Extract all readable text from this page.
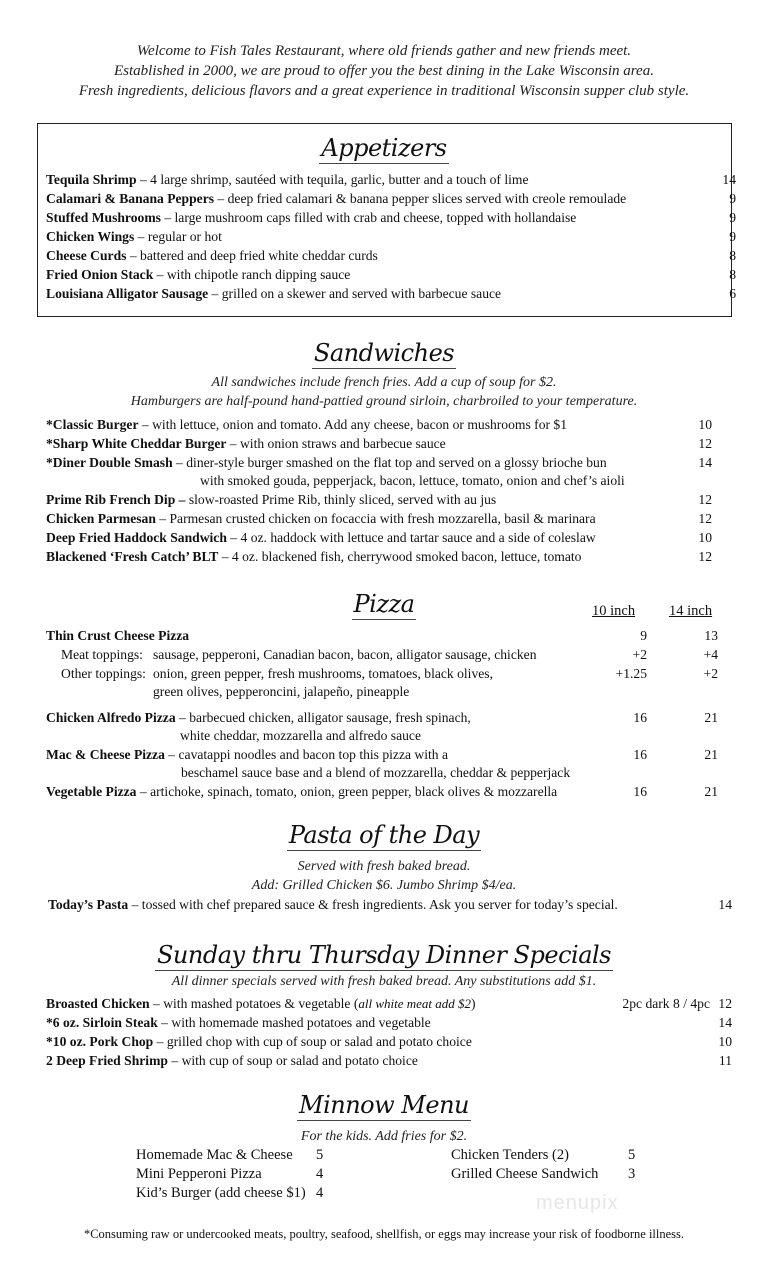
Welcome to Fish Tales Restaurant, where old friends gather and new friends meet.
Established in 2000, we are proud to offer you the best dining in the Lake Wisconsin area.
Fresh ingredients, delicious flavors and a great experience in traditional Wisconsin supper club style.
Appetizers
Tequila Shrimp – 4 large shrimp, sautéed with tequila, garlic, butter and a touch of lime	14
Calamari & Banana Peppers – deep fried calamari & banana pepper slices served with creole remoulade	9
Stuffed Mushrooms – large mushroom caps filled with crab and cheese, topped with hollandaise	9
Chicken Wings – regular or hot	9
Cheese Curds – battered and deep fried white cheddar curds	8
Fried Onion Stack – with chipotle ranch dipping sauce	8
Louisiana Alligator Sausage – grilled on a skewer and served with barbecue sauce	6
Sandwiches
All sandwiches include french fries. Add a cup of soup for $2.
Hamburgers are half-pound hand-pattied ground sirloin, charbroiled to your temperature.
*Classic Burger – with lettuce, onion and tomato. Add any cheese, bacon or mushrooms for $1	10
*Sharp White Cheddar Burger – with onion straws and barbecue sauce	12
*Diner Double Smash – diner-style burger smashed on the flat top and served on a glossy brioche bun	14
with smoked gouda, pepperjack, bacon, lettuce, tomato, onion and chef’s aioli
Prime Rib French Dip – slow-roasted Prime Rib, thinly sliced, served with au jus	12
Chicken Parmesan – Parmesan crusted chicken on focaccia with fresh mozzarella, basil & marinara	12
Deep Fried Haddock Sandwich – 4 oz. haddock with lettuce and tartar sauce and a side of coleslaw	10
Blackened ‘Fresh Catch’ BLT – 4 oz. blackened fish, cherrywood smoked bacon, lettuce, tomato	12
Pizza	10 inch 14 inch
Thin Crust Cheese Pizza	9	13
Meat toppings: sausage, pepperoni, Canadian bacon, bacon, alligator sausage, chicken	+2	+4
Other toppings: onion, green pepper, fresh mushrooms, tomatoes, black olives,	+1.25	+2
green olives, pepperoncini, jalapeño, pineapple
Chicken Alfredo Pizza – barbecued chicken, alligator sausage, fresh spinach,	16	21
white cheddar, mozzarella and alfredo sauce
Mac & Cheese Pizza – cavatappi noodles and bacon top this pizza with a	16	21
beschamel sauce base and a blend of mozzarella, cheddar & pepperjack
Vegetable Pizza – artichoke, spinach, tomato, onion, green pepper, black olives & mozzarella	16	21
Pasta of the Day
Served with fresh baked bread.
Add: Grilled Chicken $6. Jumbo Shrimp $4/ea.
Today’s Pasta – tossed with chef prepared sauce & fresh ingredients. Ask you server for today’s special.	14
Sunday thru Thursday Dinner Specials
All dinner specials served with fresh baked bread. Any substitutions add $1.
Broasted Chicken – with mashed potatoes & vegetable (all white meat add $2)	2pc dark 8 / 4pc 12
*6 oz. Sirloin Steak – with homemade mashed potatoes and vegetable	14
*10 oz. Pork Chop – grilled chop with cup of soup or salad and potato choice	10
2 Deep Fried Shrimp – with cup of soup or salad and potato choice	11
Minnow Menu
For the kids. Add fries for $2.
Homemade Mac & Cheese 5
Mini Pepperoni Pizza	4
Kid’s Burger (add cheese $1) 4
Chicken Tenders (2)	5
Grilled Cheese Sandwich 3
menupix
*Consuming raw or undercooked meats, poultry, seafood, shellfish, or eggs may increase your risk of foodborne illness.
